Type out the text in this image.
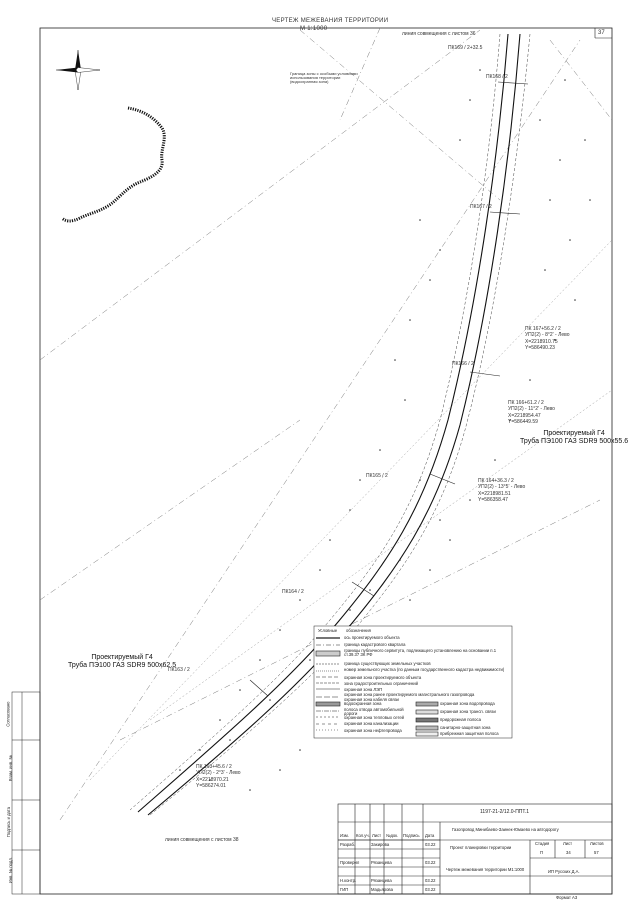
ЧЕРТЕЖ МЕЖЕВАНИЯ ТЕРРИТОРИИ
М 1:1000
37
линия совмещения с листом 36
линия совмещения с листом 38
Граница зоны с особыми условиями использования территории (водоохранная зона)
ПК169 / 2+32.5
ПК168 / 2
ПК167 / 2
ПК166 / 2
ПК165 / 2
ПК164 / 2
ПК163 / 2
ПК 167+56.2 / 2
УП2(2) - 8°2' - Лево
X=2218910.75
Y=586490.23
ПК 166+61.2 / 2
УП2(2) - 11°2' - Лево
X=2218954.47
Y=586449.59
ПК 164+36.3 / 2
УП2(2) - 13°5' - Лево
X=2218981.51
Y=586358.47
ПК 163+45.6 / 2
УП2(2) - 2°3' - Лево
X=2218970.21
Y=586274.01
Проектируемый Г4
Труба ПЭ100 ГАЗ SDR9 500x55.6
Проектируемый Г4
Труба ПЭ100 ГАЗ SDR9 500x62.5
Условные обозначения
ось проектируемого объекта
граница кадастрового квартала
границы публичного сервитута, подлежащего установлению на основании п.1 ст.39.37 ЗК РФ
граница существующих земельных участков
номер земельного участка (по данным государственного кадастра недвижимости)
охранная зона проектируемого объекта
зона градостроительных ограничений
охранная зона ЛЭП
охранная зона ранее проектируемого магистрального газопровода
охранная зона кабеля связи
водоохранная зона
полоса отвода автомобильной дороги
охранная зона тепловых сетей
охранная зона канализации
охранная зона нефтепровода
охранная зона водопровода
охранная зона трансп. связи
придорожная полоса
санитарно-защитная зона
прибрежная защитная полоса
1197-21-2/12.0-ППТ.1
Газопровод Минибаево-Заинек-Юмаево на автодорогу
Проект планировки территории
Чертеж межевания территории М1:1000
Стадия	Лист	Листов
П	34	57
ИП Русских Д.А.
Формат А3
Изм. Кол.уч. Лист №док. Подпись Дата
Разраб.	Закирова	03.22
Проверил	Рязанцева	03.22
Н.контр.	Рязанцева	03.22
ГИП	Мадьярова	03.22
Согласовано
Инв. № подл.
Подпись и дата
Взам. инв. №
